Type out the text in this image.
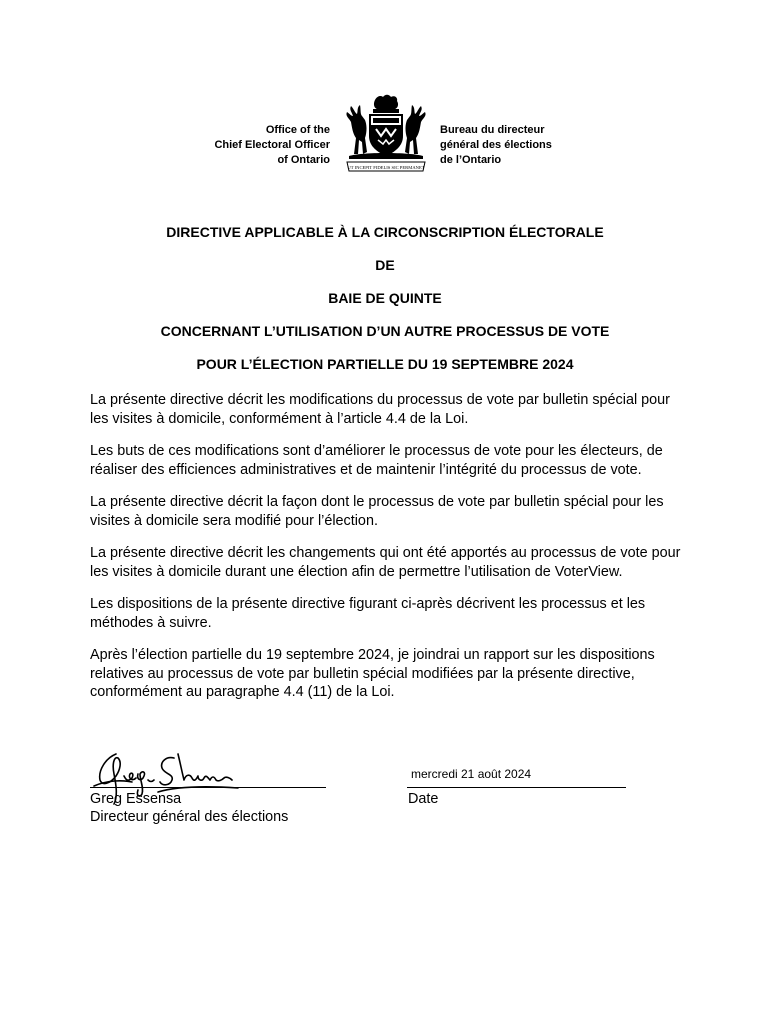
Office of the
Chief Electoral Officer
of Ontario
UT INCEPIT FIDELIS SIC PERMANET
Bureau du directeur
général des élections
de l’Ontario
DIRECTIVE APPLICABLE À LA CIRCONSCRIPTION ÉLECTORALE
DE
BAIE DE QUINTE
CONCERNANT L’UTILISATION D’UN AUTRE PROCESSUS DE VOTE
POUR L’ÉLECTION PARTIELLE DU 19 SEPTEMBRE 2024

La présente directive décrit les modifications du processus de vote par bulletin spécial pour les visites à domicile, conformément à l’article 4.4 de la Loi.

Les buts de ces modifications sont d’améliorer le processus de vote pour les électeurs, de réaliser des efficiences administratives et de maintenir l’intégrité du processus de vote.

La présente directive décrit la façon dont le processus de vote par bulletin spécial pour les visites à domicile sera modifié pour l’élection.

La présente directive décrit les changements qui ont été apportés au processus de vote pour les visites à domicile durant une élection afin de permettre l’utilisation de VoterView.

Les dispositions de la présente directive figurant ci-après décrivent les processus et les méthodes à suivre.

Après l’élection partielle du 19 septembre 2024, je joindrai un rapport sur les dispositions relatives au processus de vote par bulletin spécial modifiées par la présente directive, conformément au paragraphe 4.4 (11) de la Loi.

mercredi 21 août 2024
Greg Essensa
Directeur général des élections
Date
